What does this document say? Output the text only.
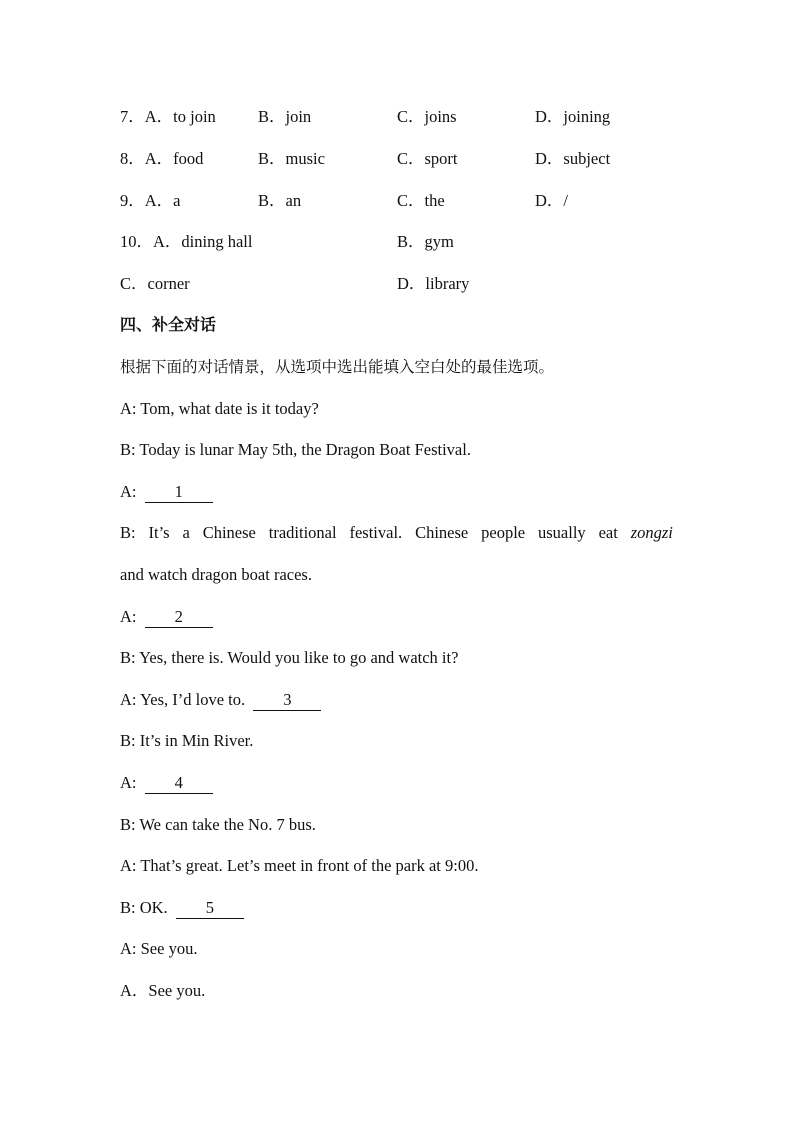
7．A．to join	B．join	C．joins	D．joining
8．A．food	B．music	C．sport	D．subject
9．A．a	B．an	C．the	D．/
10．A．dining hall	B．gym
C．corner	D．library
四、补全对话
根据下面的对话情景，从选项中选出能填入空白处的最佳选项。
A: Tom, what date is it today?
B: Today is lunar May 5th, the Dragon Boat Festival.
A: 1
B: It’s a Chinese traditional festival. Chinese people usually eat zongzi
and watch dragon boat races.
A: 2
B: Yes, there is. Would you like to go and watch it?
A: Yes, I’d love to. 3
B: It’s in Min River.
A: 4
B: We can take the No. 7 bus.
A: That’s great. Let’s meet in front of the park at 9:00.
B: OK. 5
A: See you.
A．See you.
